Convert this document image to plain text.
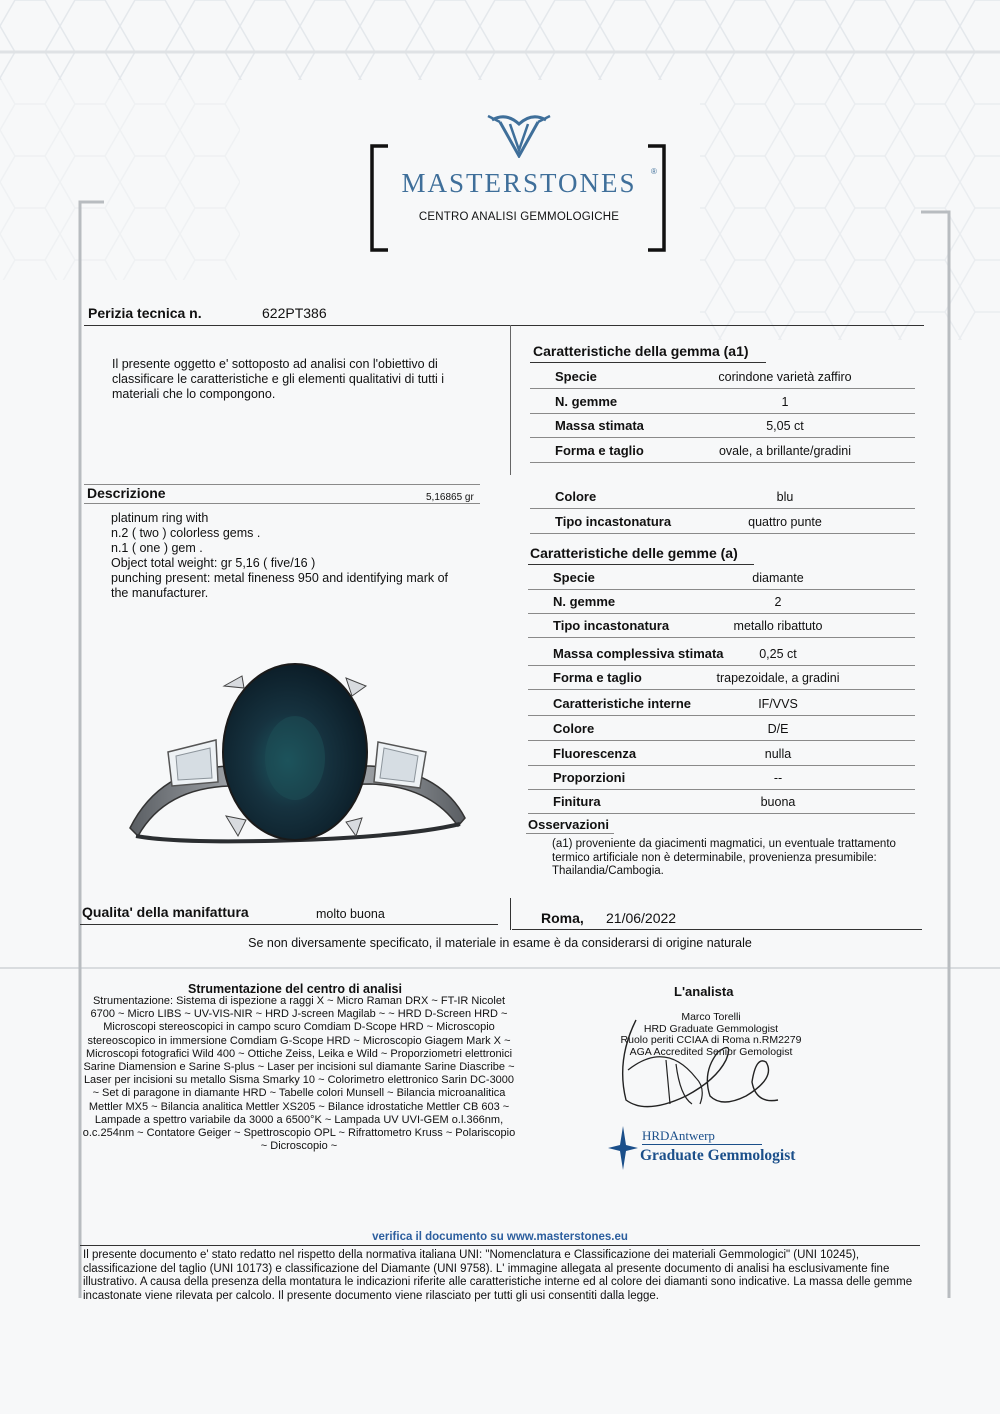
MASTERSTONES	®
CENTRO ANALISI GEMMOLOGICHE
Perizia tecnica n.	622PT386
Il presente oggetto e' sottoposto ad analisi con l'obiettivo di classificare le caratteristiche e gli elementi qualitativi di tutti i materiali che lo compongono.
Caratteristiche della gemma (a1)
Specie	corindone varietà zaffiro
N. gemme	1
Massa stimata	5,05 ct
Forma e taglio	ovale, a brillante/gradini
Colore	blu
Tipo incastonatura	quattro punte
Descrizione	5,16865 gr
platinum ring with
n.2 ( two ) colorless gems .
n.1 ( one ) gem .
Object total weight: gr 5,16 ( five/16 )
punching present: metal fineness 950 and identifying mark of
the manufacturer.
Caratteristiche delle gemme (a)
Specie	diamante
N. gemme	2
Tipo incastonatura	metallo ribattuto
Massa complessiva stimata	0,25 ct
Forma e taglio	trapezoidale, a gradini
Caratteristiche interne	IF/VVS
Colore	D/E
Fluorescenza	nulla
Proporzioni	--
Finitura	buona
Osservazioni
(a1) proveniente da giacimenti magmatici, un eventuale trattamento termico artificiale non è determinabile, provenienza presumibile: Thailandia/Cambogia.
Qualita' della manifattura	molto buona	Roma, 21/06/2022
Se non diversamente specificato, il materiale in esame è da considerarsi di origine naturale
Strumentazione del centro di analisi
Strumentazione: Sistema di ispezione a raggi X ~ Micro Raman DRX ~ FT-IR Nicolet 6700 ~ Micro LIBS ~ UV-VIS-NIR ~ HRD J-screen Magilab ~ ~ HRD D-Screen HRD ~ Microscopi stereoscopici in campo scuro Comdiam D-Scope HRD ~ Microscopio stereoscopico in immersione Comdiam G-Scope HRD ~ Microscopio Giagem Mark X ~ Microscopi fotografici Wild 400 ~ Ottiche Zeiss, Leika e Wild ~ Proporziometri elettronici Sarine Diamension e Sarine S-plus ~ Laser per incisioni sul diamante Sarine Diascribe ~ Laser per incisioni su metallo Sisma Smarky 10 ~ Colorimetro elettronico Sarin DC-3000 ~ Set di paragone in diamante HRD ~ Tabelle colori Munsell ~ Bilancia microanalitica Mettler MX5 ~ Bilancia analitica Mettler XS205 ~ Bilance idrostatiche Mettler CB 603 ~ Lampade a spettro variabile da 3000 a 6500°K ~ Lampada UV UVI-GEM o.l.366nm, o.c.254nm ~ Contatore Geiger ~ Spettroscopio OPL ~ Rifrattometro Kruss ~ Polariscopio ~ Dicroscopio ~
L'analista
Marco Torelli
HRD Graduate Gemmologist
Ruolo periti CCIAA di Roma n.RM2279
AGA Accredited Senior Gemologist
HRDAntwerp
Graduate Gemmologist
verifica il documento su www.masterstones.eu
Il presente documento e' stato redatto nel rispetto della normativa italiana UNI: "Nomenclatura e Classificazione dei materiali Gemmologici" (UNI 10245), classificazione del taglio (UNI 10173) e classificazione del Diamante (UNI 9758). L' immagine allegata al presente documento di analisi ha esclusivamente fine illustrativo. A causa della presenza della montatura le indicazioni riferite alle caratteristiche interne ed al colore dei diamanti sono indicative. La massa delle gemme incastonate viene rilevata per calcolo. Il presente documento viene rilasciato per tutti gli usi consentiti dalla legge.
